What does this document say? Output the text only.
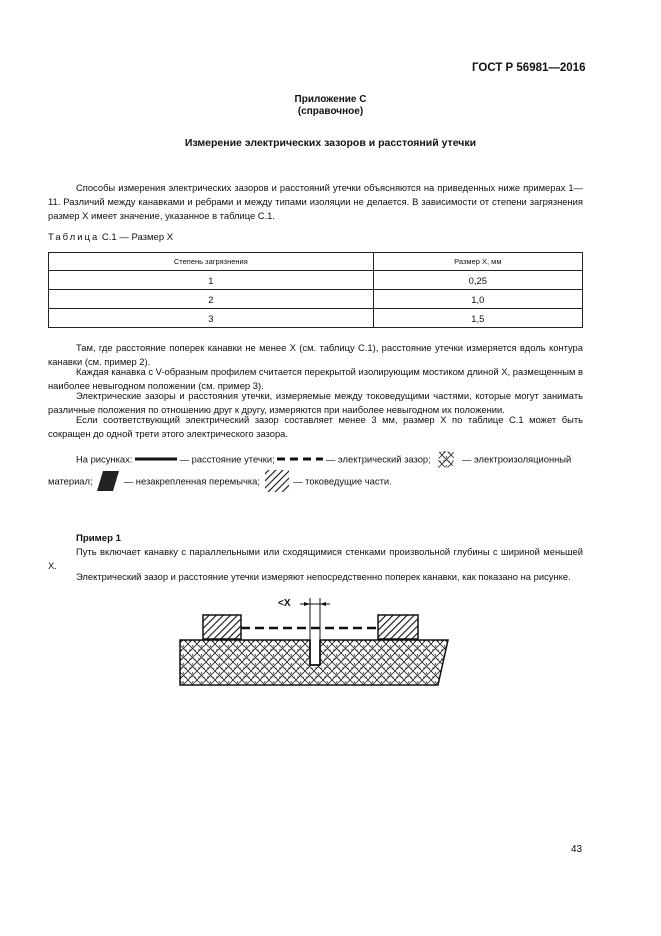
ГОСТ Р 56981—2016
Приложение С
(справочное)
Измерение электрических зазоров и расстояний утечки
Способы измерения электрических зазоров и расстояний утечки объясняются на приведенных ниже примерах 1—11. Различий между канавками и ребрами и между типами изоляции не делается. В зависимости от степени загрязнения размер X имеет значение, указанное в таблице С.1.
Таблица С.1 — Размер X
Степень загрязнения	Размер X, мм
1	0,25
2	1,0
3	1,5
Там, где расстояние поперек канавки не менее X (см. таблицу С.1), расстояние утечки измеряется вдоль контура канавки (см. пример 2).
Каждая канавка с V-образным профилем считается перекрытой изолирующим мостиком длиной X, размещенным в наиболее невыгодном положении (см. пример 3).
Электрические зазоры и расстояния утечки, измеряемые между токоведущими частями, которые могут занимать различные положения по отношению друг к другу, измеряются при наиболее невыгодном их положении.
Если соответствующий электрический зазор составляет менее 3 мм, размер X по таблице С.1 может быть сокращен до одной трети этого электрического зазора.
На рисунках:	— расстояние утечки;	— электрический зазор;	— электроизоляционный
материал;	— незакрепленная перемычка;	— токоведущие части.
Пример 1
Путь включает канавку с параллельными или сходящимися стенками произвольной глубины с шириной меньшей X.
Электрический зазор и расстояние утечки измеряют непосредственно поперек канавки, как показано на рисунке.
<X
43
